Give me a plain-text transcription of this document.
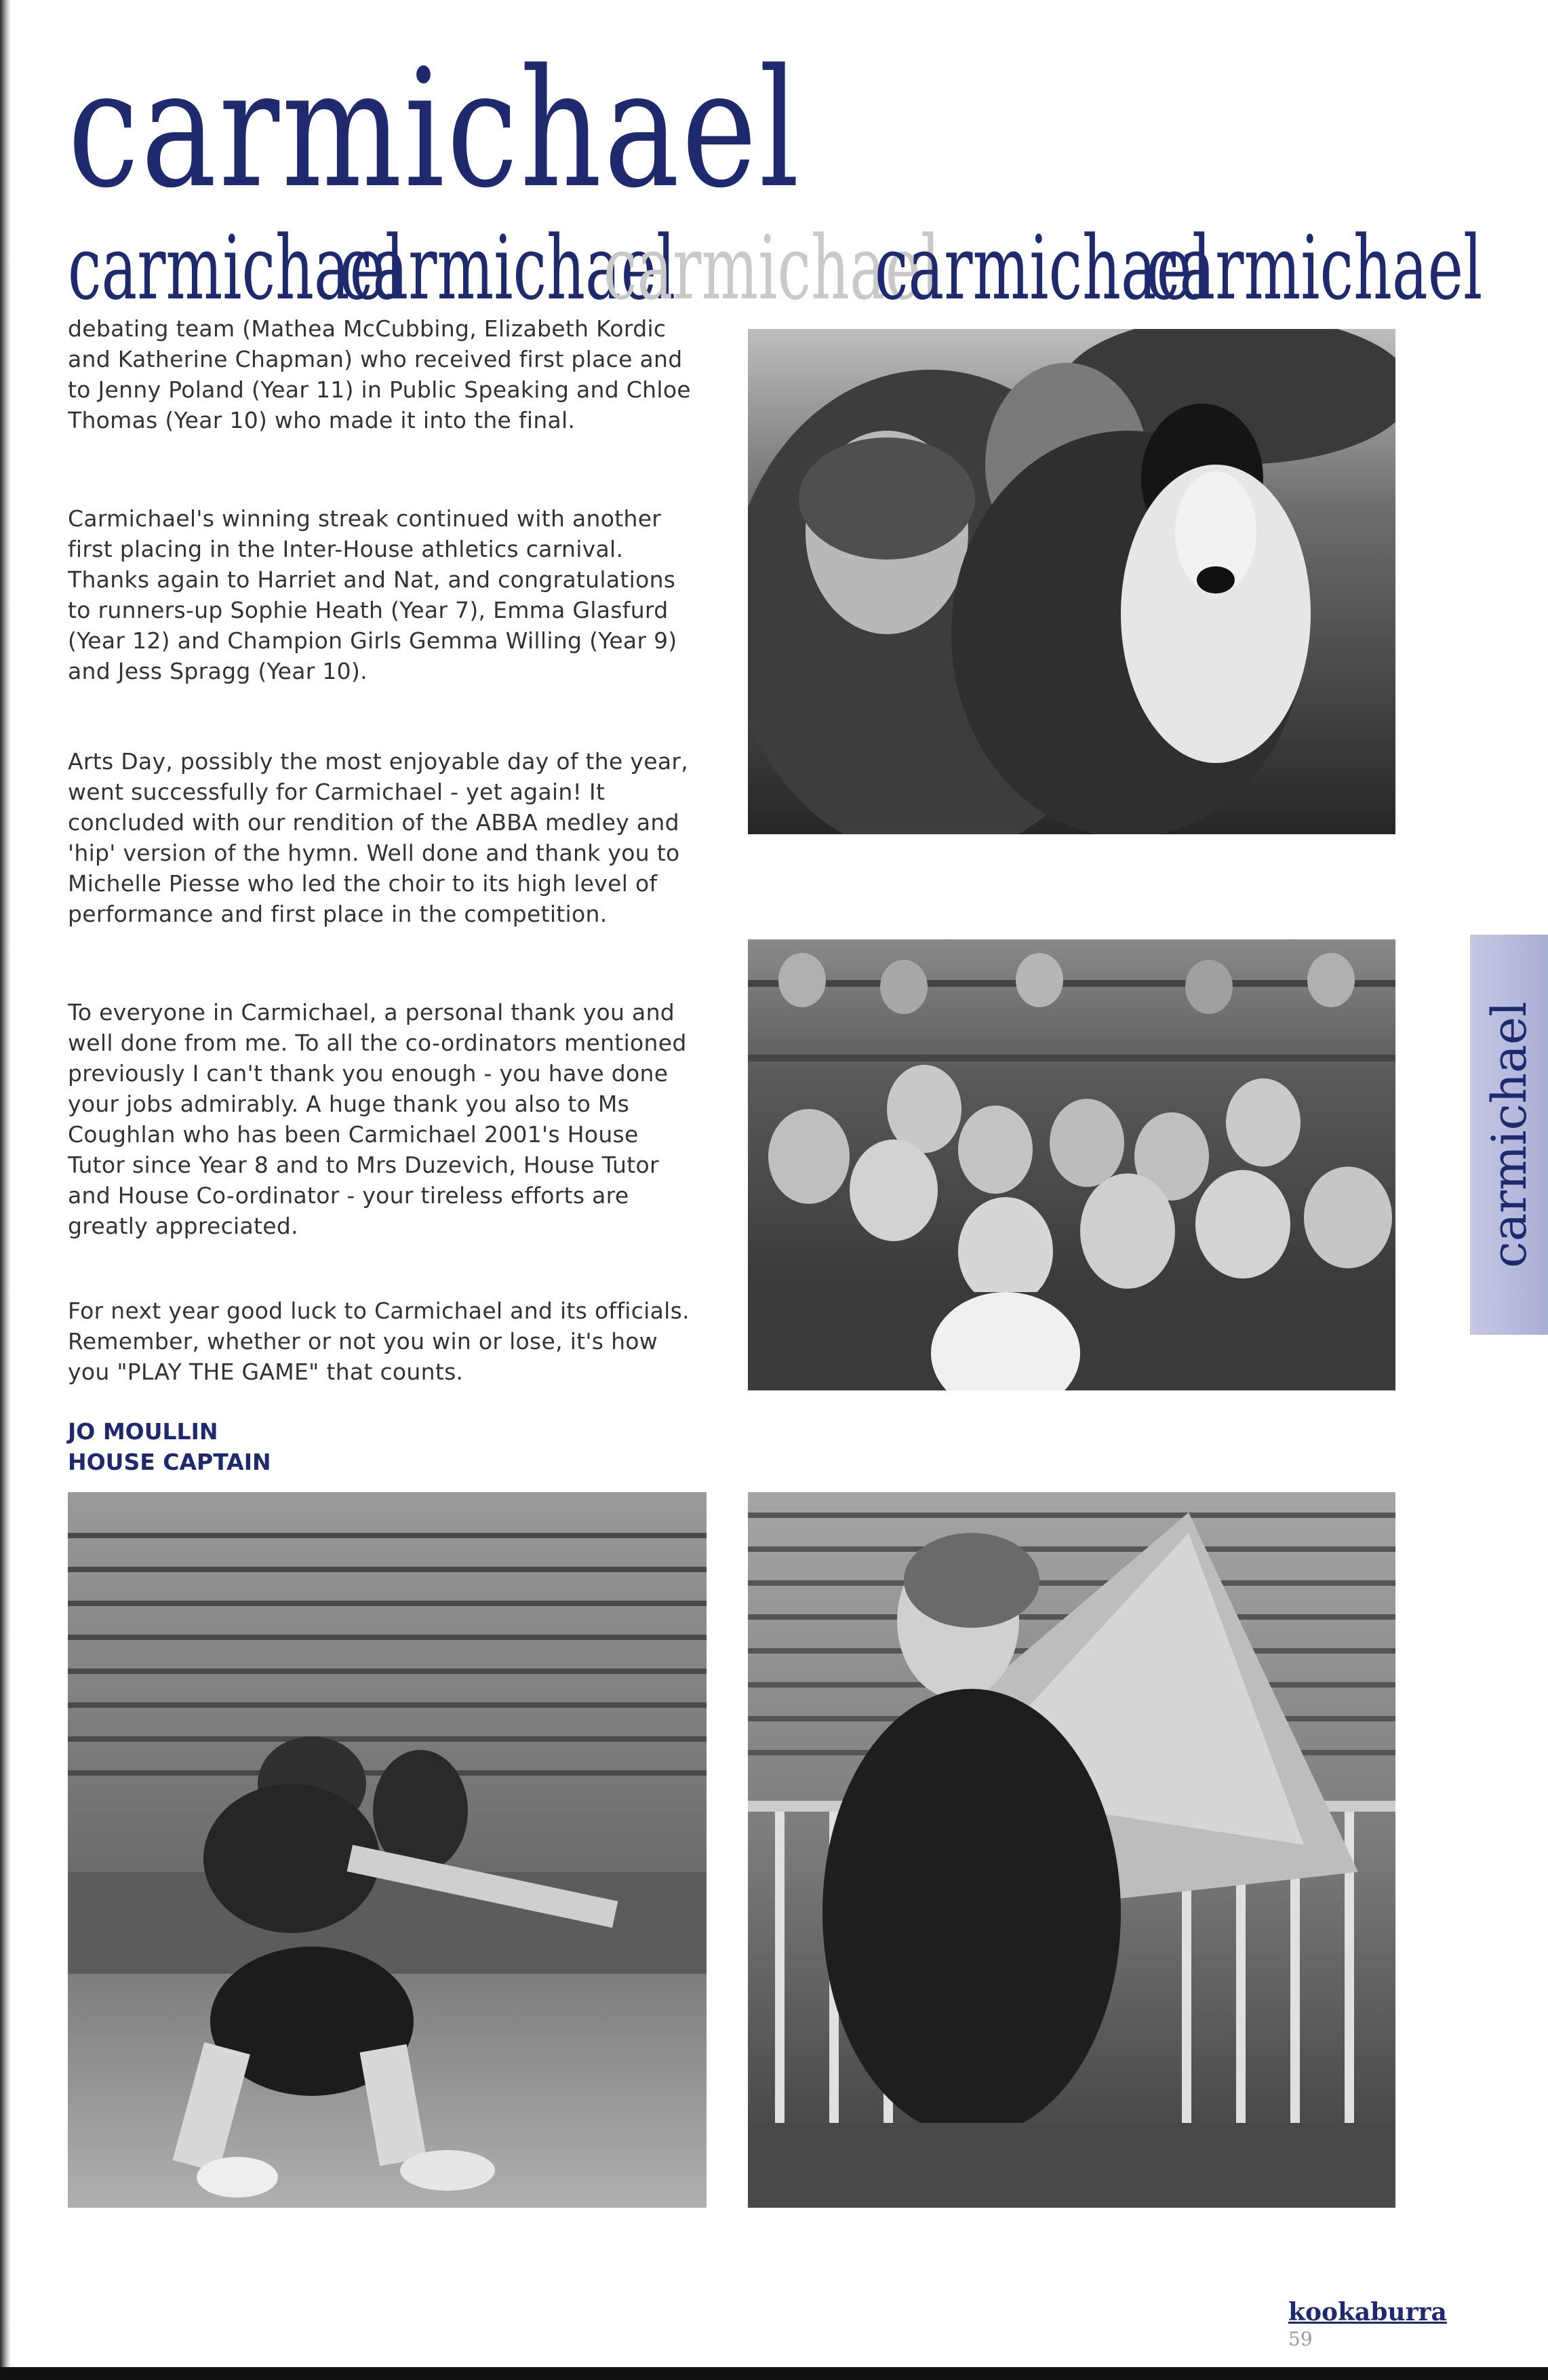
carmichael
carmichael
carmichael
carmichael
carmichael
carmichael
debating team (Mathea McCubbing, Elizabeth Kordic and Katherine Chapman) who received first place and to Jenny Poland (Year 11) in Public Speaking and Chloe Thomas (Year 10) who made it into the final.
Carmichael's winning streak continued with another first placing in the Inter-House athletics carnival. Thanks again to Harriet and Nat, and congratulations to runners-up Sophie Heath (Year 7), Emma Glasfurd (Year 12) and Champion Girls Gemma Willing (Year 9) and Jess Spragg (Year 10).
Arts Day, possibly the most enjoyable day of the year, went successfully for Carmichael - yet again! It concluded with our rendition of the ABBA medley and 'hip' version of the hymn. Well done and thank you to Michelle Piesse who led the choir to its high level of performance and first place in the competition.
To everyone in Carmichael, a personal thank you and well done from me. To all the co-ordinators mentioned previously I can't thank you enough - you have done your jobs admirably. A huge thank you also to Ms Coughlan who has been Carmichael 2001's House Tutor since Year 8 and to Mrs Duzevich, House Tutor and House Co-ordinator - your tireless efforts are greatly appreciated.
For next year good luck to Carmichael and its officials. Remember, whether or not you win or lose, it's how you "PLAY THE GAME" that counts.
JO MOULLIN
HOUSE CAPTAIN
carmichael
kookaburra
59
